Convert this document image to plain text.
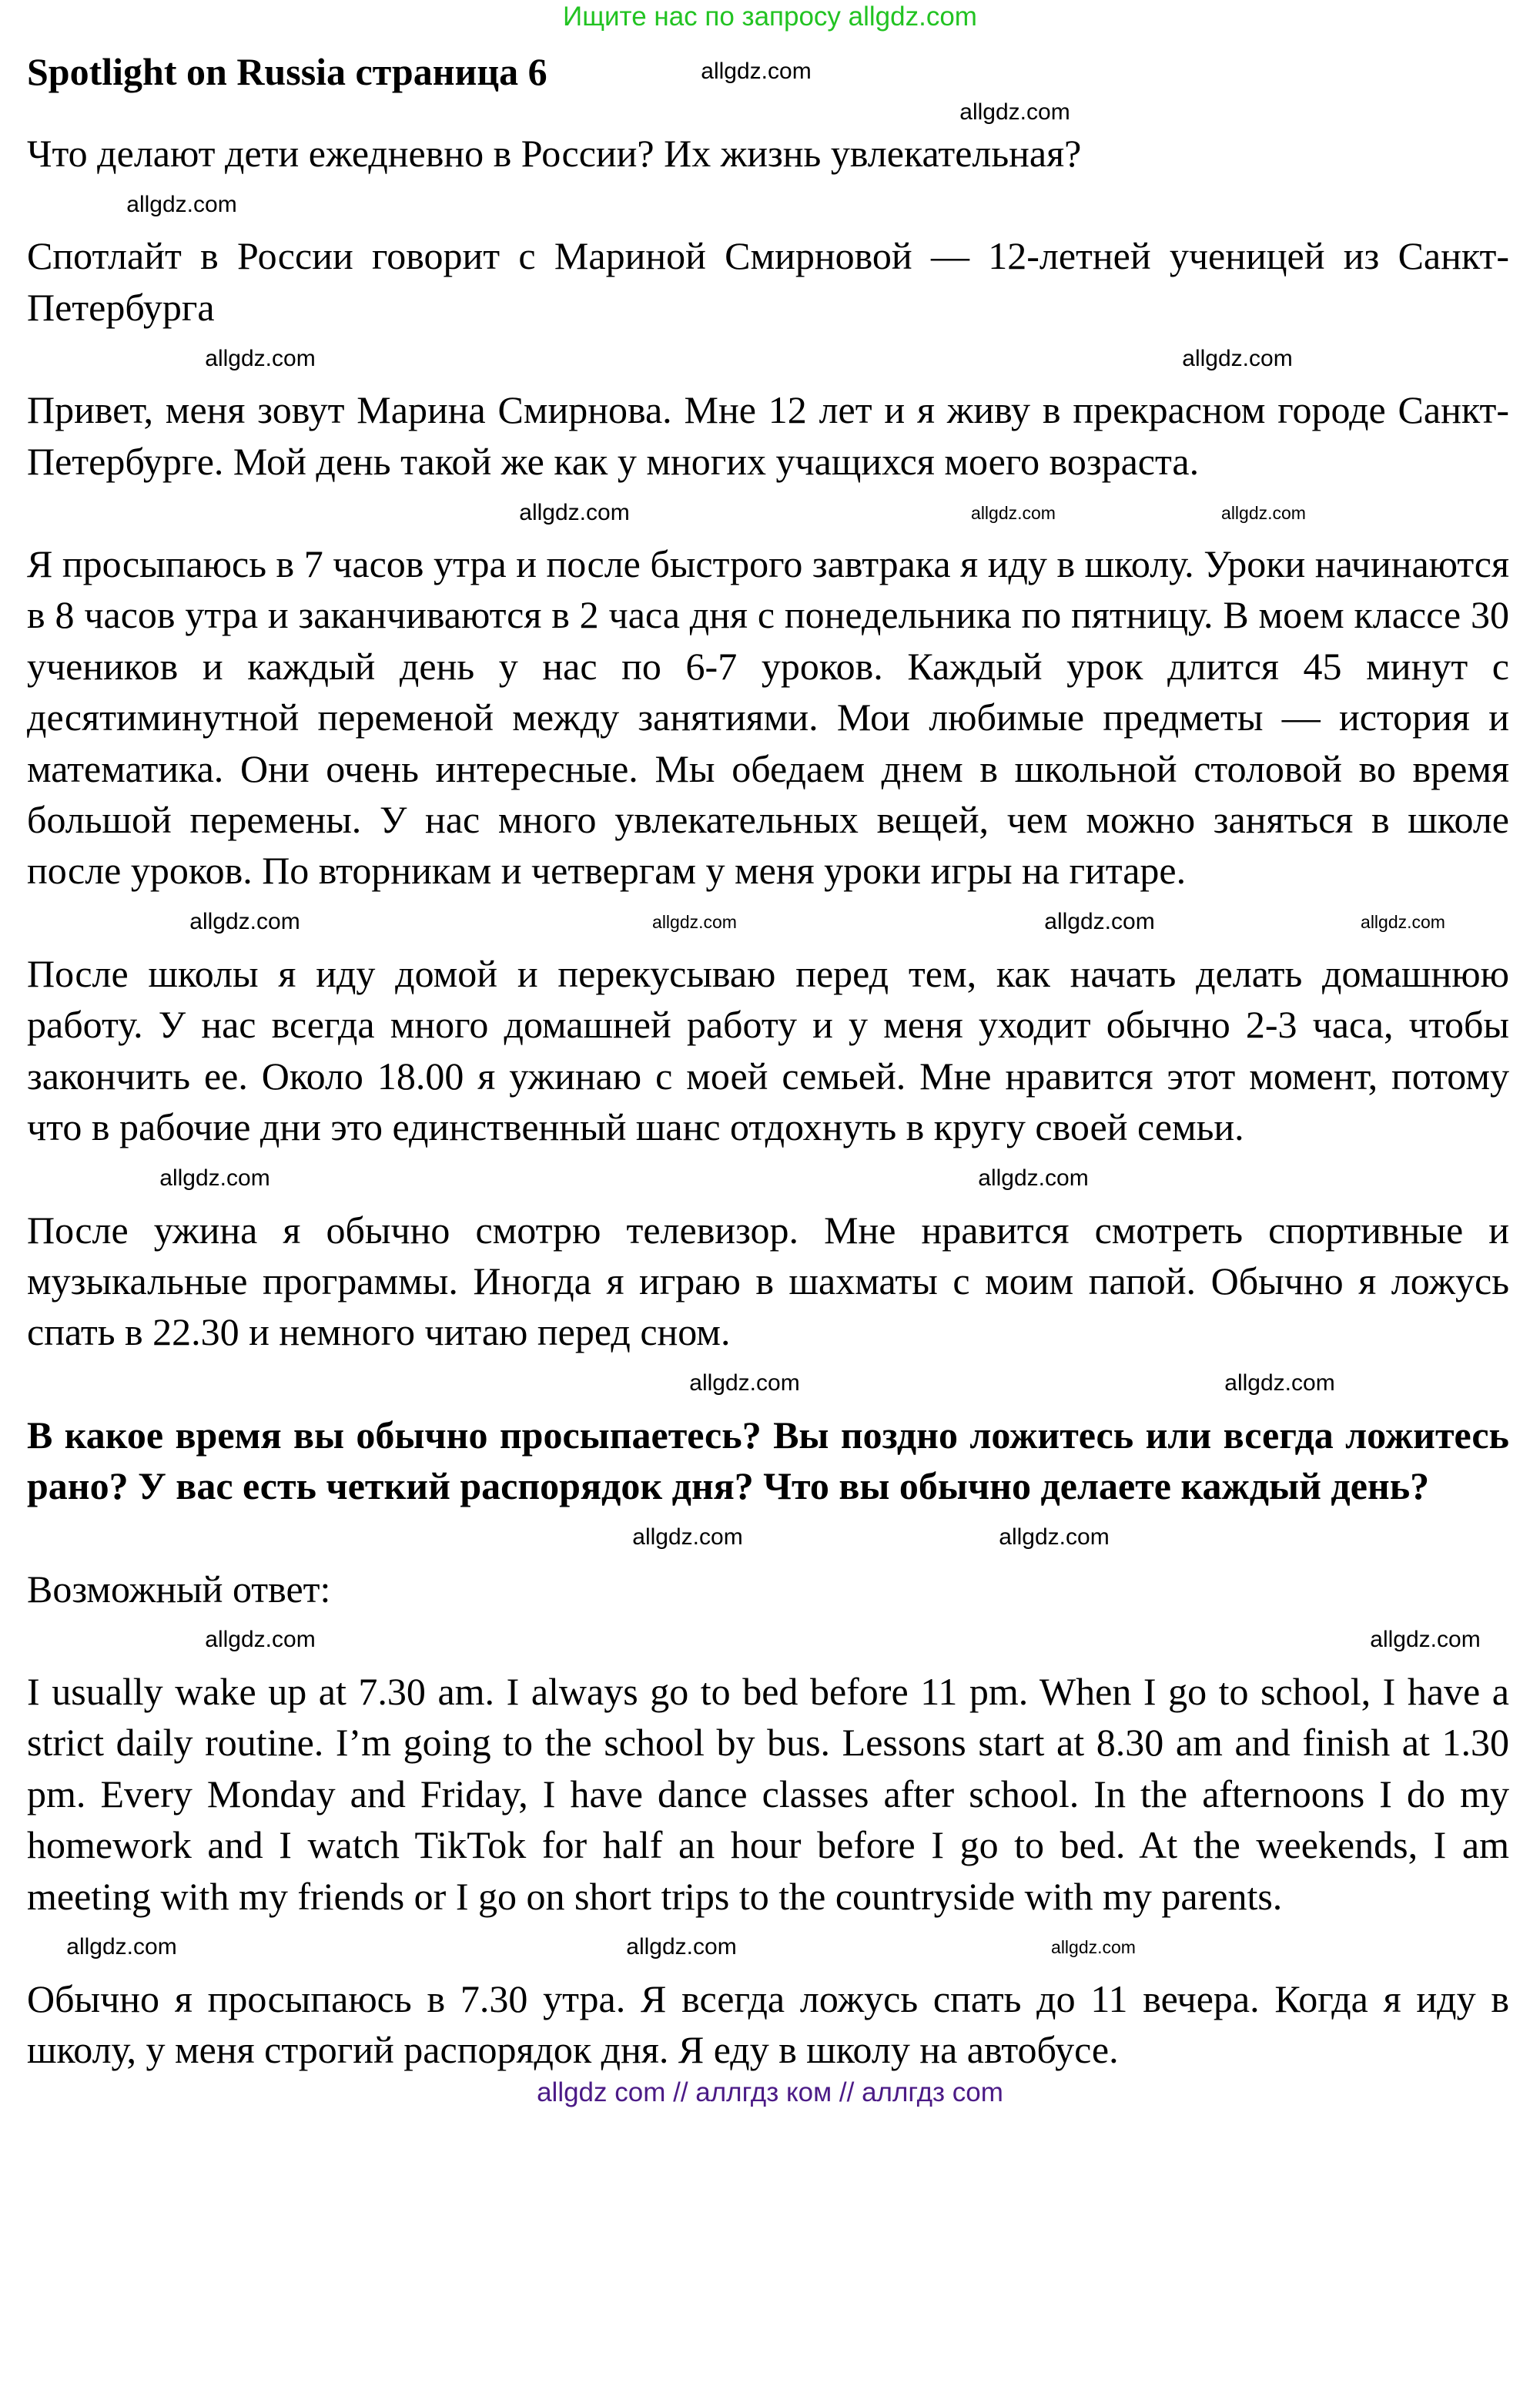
Ищите нас по запросу allgdz.com
Spotlight on Russia страница 6	allgdz.com
allgdz.com
Что делают дети ежедневно в России? Их жизнь увлекательная?
allgdz.com
Спотлайт в России говорит с Мариной Смирновой — 12-летней ученицей из Санкт-Петербурга
allgdz.com	allgdz.com
Привет, меня зовут Марина Смирнова. Мне 12 лет и я живу в прекрасном городе Санкт-Петербурге. Мой день такой же как у многих учащихся моего возраста.
allgdz.com	allgdz.com	allgdz.com
Я просыпаюсь в 7 часов утра и после быстрого завтрака я иду в школу. Уроки начинаются в 8 часов утра и заканчиваются в 2 часа дня с понедельника по пятницу. В моем классе 30 учеников и каждый день у нас по 6-7 уроков. Каждый урок длится 45 минут с десятиминутной переменой между занятиями. Мои любимые предметы — история и математика. Они очень интересные. Мы обедаем днем в школьной столовой во время большой перемены. У нас много увлекательных вещей, чем можно заняться в школе после уроков. По вторникам и четвергам у меня уроки игры на гитаре.
allgdz.com	allgdz.com	allgdz.com	allgdz.com
После школы я иду домой и перекусываю перед тем, как начать делать домашнюю работу. У нас всегда много домашней работу и у меня уходит обычно 2-3 часа, чтобы закончить ее. Около 18.00 я ужинаю с моей семьей. Мне нравится этот момент, потому что в рабочие дни это единственный шанс отдохнуть в кругу своей семьи.
allgdz.com	allgdz.com
После ужина я обычно смотрю телевизор. Мне нравится смотреть спортивные и музыкальные программы. Иногда я играю в шахматы с моим папой. Обычно я ложусь спать в 22.30 и немного читаю перед сном.
allgdz.com	allgdz.com
В какое время вы обычно просыпаетесь? Вы поздно ложитесь или всегда ложитесь рано? У вас есть четкий распорядок дня? Что вы обычно делаете каждый день?
allgdz.com	allgdz.com
Возможный ответ:
allgdz.com	allgdz.com
I usually wake up at 7.30 am. I always go to bed before 11 pm. When I go to school, I have a strict daily routine. I’m going to the school by bus. Lessons start at 8.30 am and finish at 1.30 pm. Every Monday and Friday, I have dance classes after school. In the afternoons I do my homework and I watch TikTok for half an hour before I go to bed. At the weekends, I am meeting with my friends or I go on short trips to the countryside with my parents.
allgdz.com	allgdz.com	allgdz.com
Обычно я просыпаюсь в 7.30 утра. Я всегда ложусь спать до 11 вечера. Когда я иду в школу, у меня строгий распорядок дня. Я еду в школу на автобусе.
allgdz com // аллгдз ком // аллгдз com
